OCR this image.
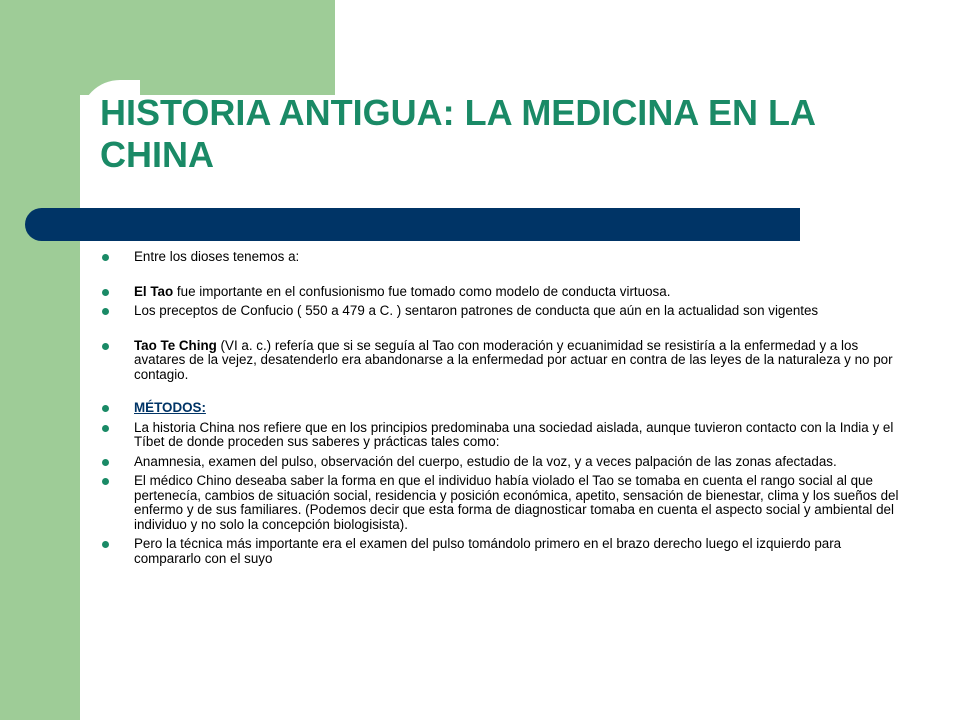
HISTORIA ANTIGUA: LA MEDICINA EN LA CHINA
Entre los dioses tenemos a:
El Tao fue importante en el confusionismo fue tomado como modelo de conducta virtuosa.
Los preceptos de Confucio ( 550 a 479 a C. ) sentaron patrones de conducta que aún en la actualidad son vigentes
Tao Te Ching (VI a. c.) refería que si se seguía al Tao con moderación y ecuanimidad se resistiría a la enfermedad y a los avatares de la vejez, desatenderlo era abandonarse a la enfermedad por actuar en contra de las leyes de la naturaleza y no por contagio.
MÉTODOS:
La historia China nos refiere que en los principios predominaba una sociedad aislada, aunque tuvieron contacto con la India y el Tíbet de donde proceden sus saberes y prácticas tales como:
Anamnesia, examen del pulso, observación del cuerpo, estudio de la voz, y a veces palpación de las zonas afectadas.
El médico Chino deseaba saber la forma en que el individuo había violado el Tao se tomaba en cuenta el rango social al que pertenecía, cambios de situación social, residencia y posición económica, apetito, sensación de bienestar, clima y los sueños del enfermo y de sus familiares. (Podemos decir que esta forma de diagnosticar tomaba en cuenta el aspecto social y ambiental del individuo y no solo la concepción biologisista).
Pero la técnica más importante era el examen del pulso tomándolo primero en el brazo derecho luego el izquierdo para compararlo con el suyo
